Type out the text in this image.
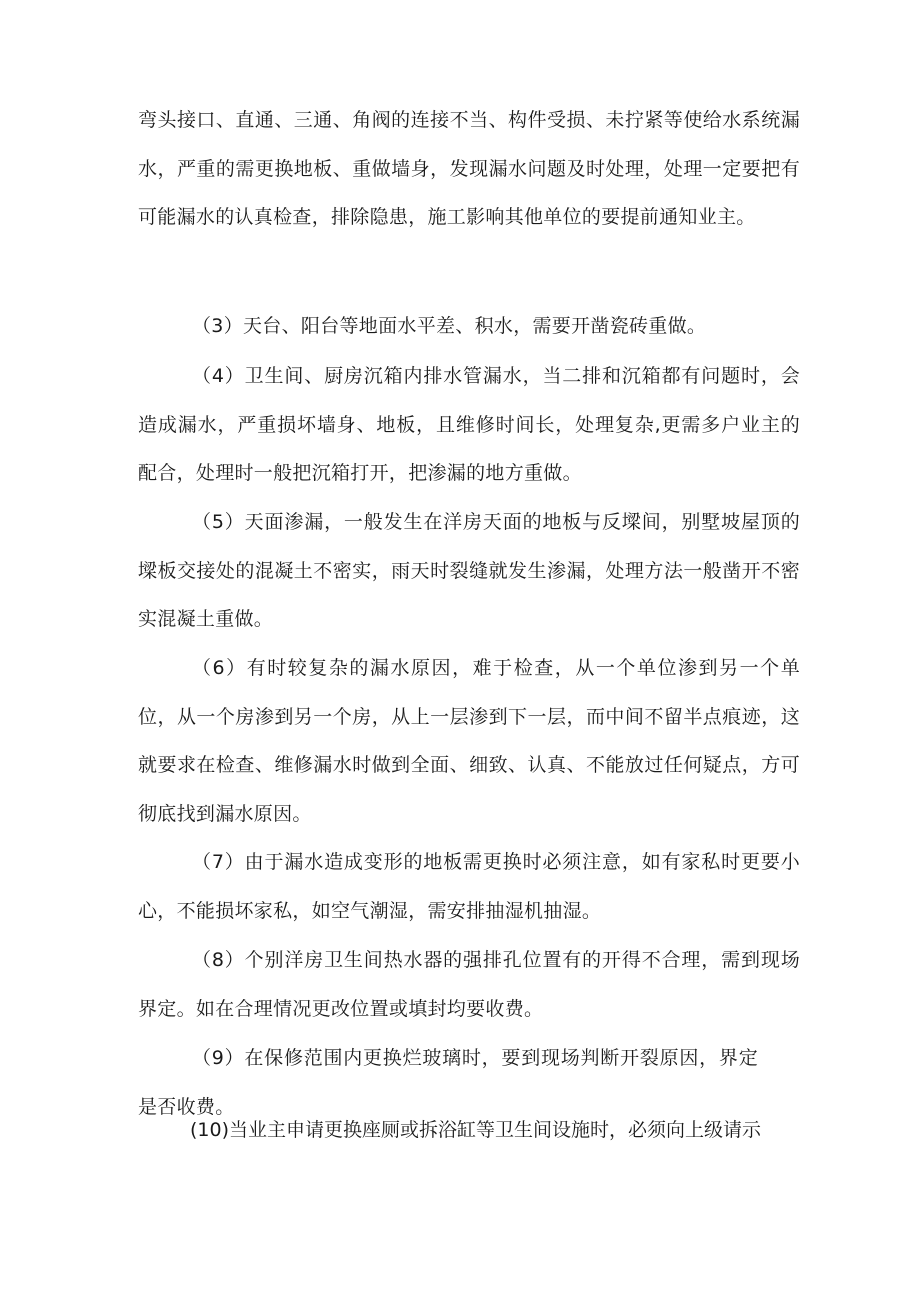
弯头接口、直通、三通、角阀的连接不当、构件受损、未拧紧等使给水系统漏水，严重的需更换地板、重做墙身，发现漏水问题及时处理，处理一定要把有可能漏水的认真检查，排除隐患，施工影响其他单位的要提前通知业主。

（3）天台、阳台等地面水平差、积水，需要开凿瓷砖重做。

（4）卫生间、厨房沉箱内排水管漏水，当二排和沉箱都有问题时，会造成漏水，严重损坏墙身、地板，且维修时间长，处理复杂,更需多户业主的配合，处理时一般把沉箱打开，把渗漏的地方重做。

（5）天面渗漏，一般发生在洋房天面的地板与反墚间，别墅坡屋顶的墚板交接处的混凝土不密实，雨天时裂缝就发生渗漏，处理方法一般凿开不密实混凝土重做。

（6）有时较复杂的漏水原因，难于检查，从一个单位渗到另一个单位，从一个房渗到另一个房，从上一层渗到下一层，而中间不留半点痕迹，这就要求在检查、维修漏水时做到全面、细致、认真、不能放过任何疑点，方可彻底找到漏水原因。

（7）由于漏水造成变形的地板需更换时必须注意，如有家私时更要小心，不能损坏家私，如空气潮湿，需安排抽湿机抽湿。

（8）个别洋房卫生间热水器的强排孔位置有的开得不合理，需到现场界定。如在合理情况更改位置或填封均要收费。

（9）在保修范围内更换烂玻璃时，要到现场判断开裂原因，界定是否收费。

(10)当业主申请更换座厕或拆浴缸等卫生间设施时，必须向上级请示
